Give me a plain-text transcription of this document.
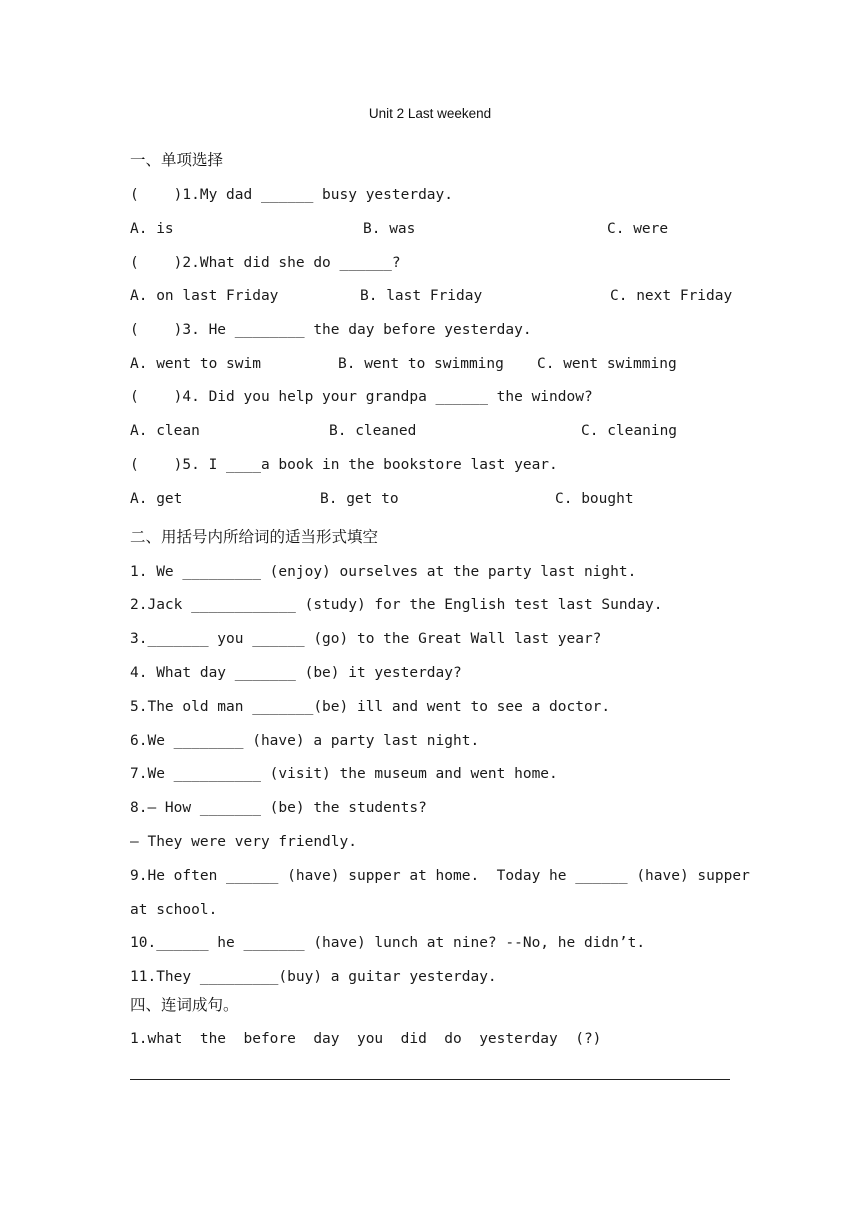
Unit 2 Last weekend
一、单项选择
(    )1.My dad ______ busy yesterday.
A. is	B. was	C. were
(    )2.What did she do ______?
A. on last Friday	B. last Friday	C. next Friday
(    )3. He ________ the day before yesterday.
A. went to swim	B. went to swimming C. went swimming
(    )4. Did you help your grandpa ______ the window?
A. clean	B. cleaned	C. cleaning
(    )5. I ____a book in the bookstore last year.
A. get	B. get to	C. bought
二、用括号内所给词的适当形式填空
1. We _________ (enjoy) ourselves at the party last night.
2.Jack ____________ (study) for the English test last Sunday.
3._______ you ______ (go) to the Great Wall last year?
4. What day _______ (be) it yesterday?
5.The old man _______(be) ill and went to see a doctor.
6.We ________ (have) a party last night.
7.We __________ (visit) the museum and went home.
8.— How _______ (be) the students?
— They were very friendly.
9.He often ______ (have) supper at home.  Today he ______ (have) supper
at school.
10.______ he _______ (have) lunch at nine? --No, he didn’t.
11.They _________(buy) a guitar yesterday.
四、连词成句。
1.what  the  before  day  you  did  do  yesterday  (?)
